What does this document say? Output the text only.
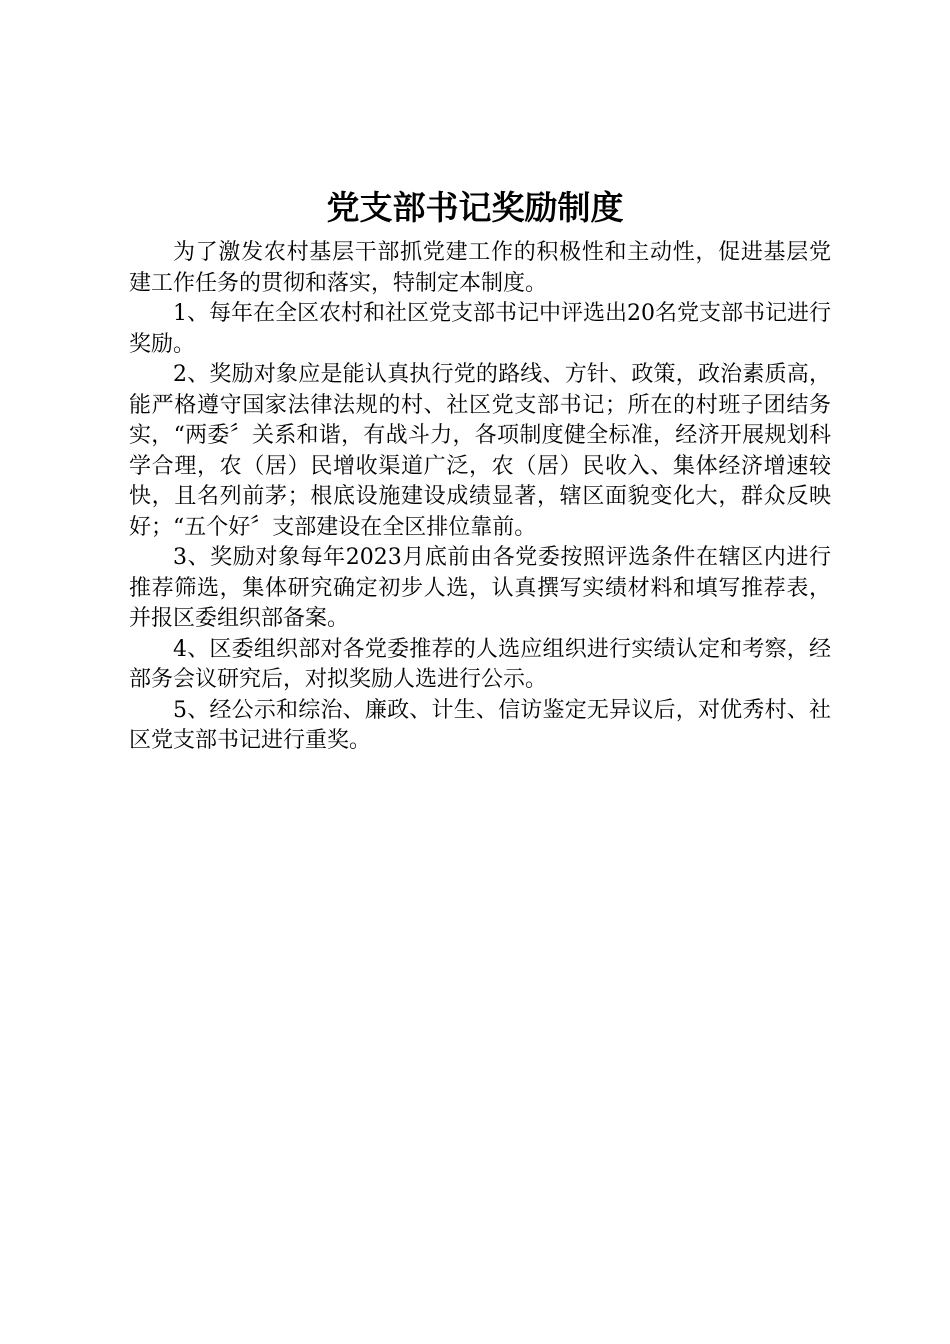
党支部书记奖励制度

为了激发农村基层干部抓党建工作的积极性和主动性，促进基层党建工作任务的贯彻和落实，特制定本制度。

1、每年在全区农村和社区党支部书记中评选出20名党支部书记进行奖励。

2、奖励对象应是能认真执行党的路线、方针、政策，政治素质高，能严格遵守国家法律法规的村、社区党支部书记；所在的村班子团结务实，“两委〞关系和谐，有战斗力，各项制度健全标准，经济开展规划科学合理，农（居）民增收渠道广泛，农（居）民收入、集体经济增速较快，且名列前茅；根底设施建设成绩显著，辖区面貌变化大，群众反映好；“五个好〞支部建设在全区排位靠前。

3、奖励对象每年2023月底前由各党委按照评选条件在辖区内进行推荐筛选，集体研究确定初步人选，认真撰写实绩材料和填写推荐表，并报区委组织部备案。

4、区委组织部对各党委推荐的人选应组织进行实绩认定和考察，经部务会议研究后，对拟奖励人选进行公示。

5、经公示和综治、廉政、计生、信访鉴定无异议后，对优秀村、社区党支部书记进行重奖。
